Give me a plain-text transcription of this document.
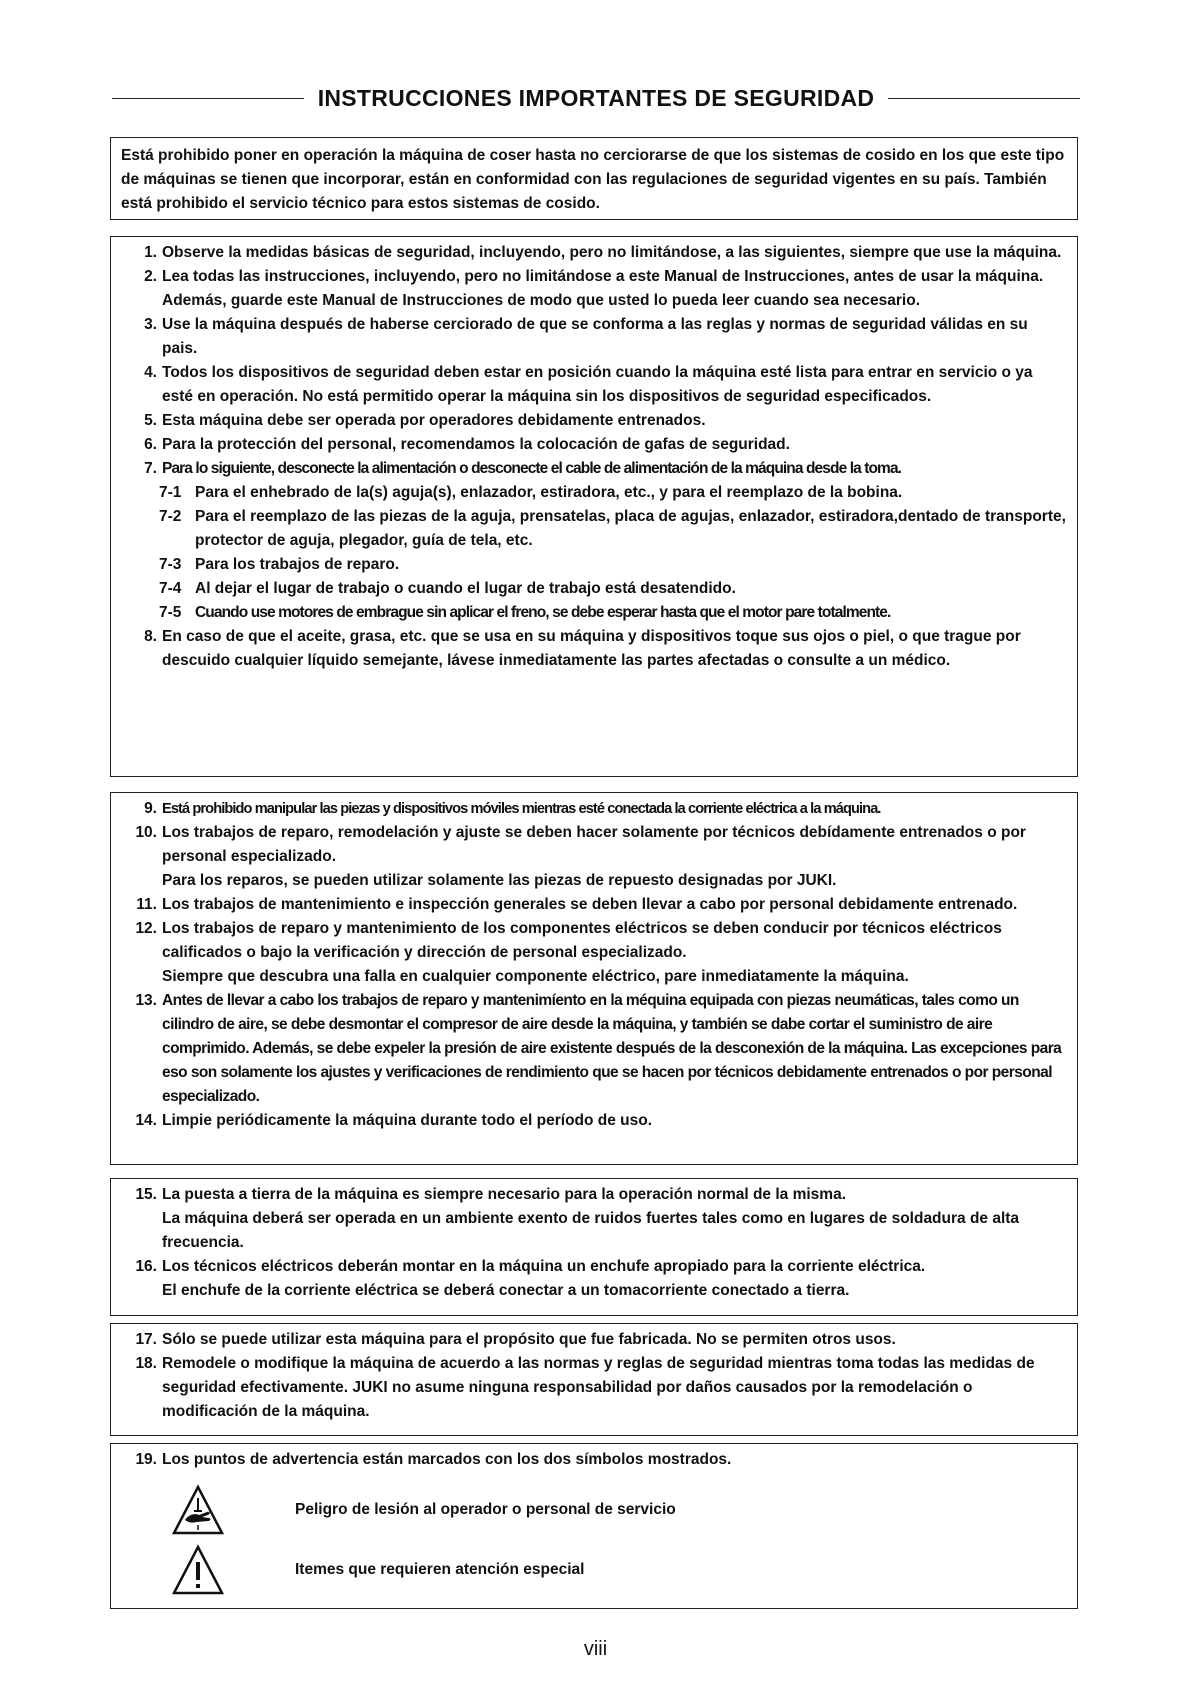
INSTRUCCIONES IMPORTANTES DE SEGURIDAD

Está prohibido poner en operación la máquina de coser hasta no cerciorarse de que los sistemas de cosido en los que este tipo de máquinas se tienen que incorporar, están en conformidad con las regulaciones de seguridad vigentes en su país. También está prohibido el servicio técnico para estos sistemas de cosido.

1. Observe la medidas básicas de seguridad, incluyendo, pero no limitándose, a las siguientes, siempre que use la máquina.

2. Lea todas las instrucciones, incluyendo, pero no limitándose a este Manual de Instrucciones, antes de usar la máquina. Además, guarde este Manual de Instrucciones de modo que usted lo pueda leer cuando sea necesario.

3. Use la máquina después de haberse cerciorado de que se conforma a las reglas y normas de seguridad válidas en su pais.

4. Todos los dispositivos de seguridad deben estar en posición cuando la máquina esté lista para entrar en servicio o ya esté en operación. No está permitido operar la máquina sin los dispositivos de seguridad especificados.

5. Esta máquina debe ser operada por operadores debidamente entrenados.

6. Para la protección del personal, recomendamos la colocación de gafas de seguridad.

7. Para lo siguiente, desconecte la alimentación o desconecte el cable de alimentación de la máquina desde la toma.

7-1 Para el enhebrado de la(s) aguja(s), enlazador, estiradora, etc., y para el reemplazo de la bobina.
7-2 Para el reemplazo de las piezas de la aguja, prensatelas, placa de agujas, enlazador, estiradora,dentado de transporte, protector de aguja, plegador, guía de tela, etc.
7-3 Para los trabajos de reparo.
7-4 Al dejar el lugar de trabajo o cuando el lugar de trabajo está desatendido.
7-5 Cuando use motores de embrague sin aplicar el freno, se debe esperar hasta que el motor pare totalmente.
8. En caso de que el aceite, grasa, etc. que se usa en su máquina y dispositivos toque sus ojos o piel, o que trague por descuido cualquier líquido semejante, lávese inmediatamente las partes afectadas o consulte a un médico.

9. Está prohibido manipular las piezas y dispositivos móviles mientras esté conectada la corriente eléctrica a la máquina.

10. Los trabajos de reparo, remodelación y ajuste se deben hacer solamente por técnicos debídamente entrenados o por personal especializado.

Para los reparos, se pueden utilizar solamente las piezas de repuesto designadas por JUKI.

11. Los trabajos de mantenimiento e inspección generales se deben llevar a cabo por personal debidamente entrenado.

12. Los trabajos de reparo y mantenimiento de los componentes eléctricos se deben conducir por técnicos eléctricos calificados o bajo la verificación y dirección de personal especializado.

Siempre que descubra una falla en cualquier componente eléctrico, pare inmediatamente la máquina.

13. Antes de llevar a cabo los trabajos de reparo y mantenimíento en la méquina equipada con piezas neumáticas, tales como un cilindro de aire, se debe desmontar el compresor de aire desde la máquina, y también se dabe cortar el suministro de aire comprimido. Además, se debe expeler la presión de aire existente después de la desconexión de la máquina. Las excepciones para eso son solamente los ajustes y verificaciones de rendimiento que se hacen por técnicos debidamente entrenados o por personal especializado.

14. Limpie periódicamente la máquina durante todo el período de uso.

15. La puesta a tierra de la máquina es siempre necesario para la operación normal de la misma.

La máquina deberá ser operada en un ambiente exento de ruidos fuertes tales como en lugares de soldadura de alta frecuencia.

16. Los técnicos eléctricos deberán montar en la máquina un enchufe apropiado para la corriente eléctrica.

El enchufe de la corriente eléctrica se deberá conectar a un tomacorriente conectado a tierra.

17. Sólo se puede utilizar esta máquina para el propósito que fue fabricada. No se permiten otros usos.

18. Remodele o modifique la máquina de acuerdo a las normas y reglas de seguridad mientras toma todas las medidas de seguridad efectivamente. JUKI no asume ninguna responsabilidad por daños causados por la remodelación o modificación de la máquina.

19. Los puntos de advertencia están marcados con los dos símbolos mostrados.

Peligro de lesión al operador o personal de servicio
Itemes que requieren atención especial
viii
